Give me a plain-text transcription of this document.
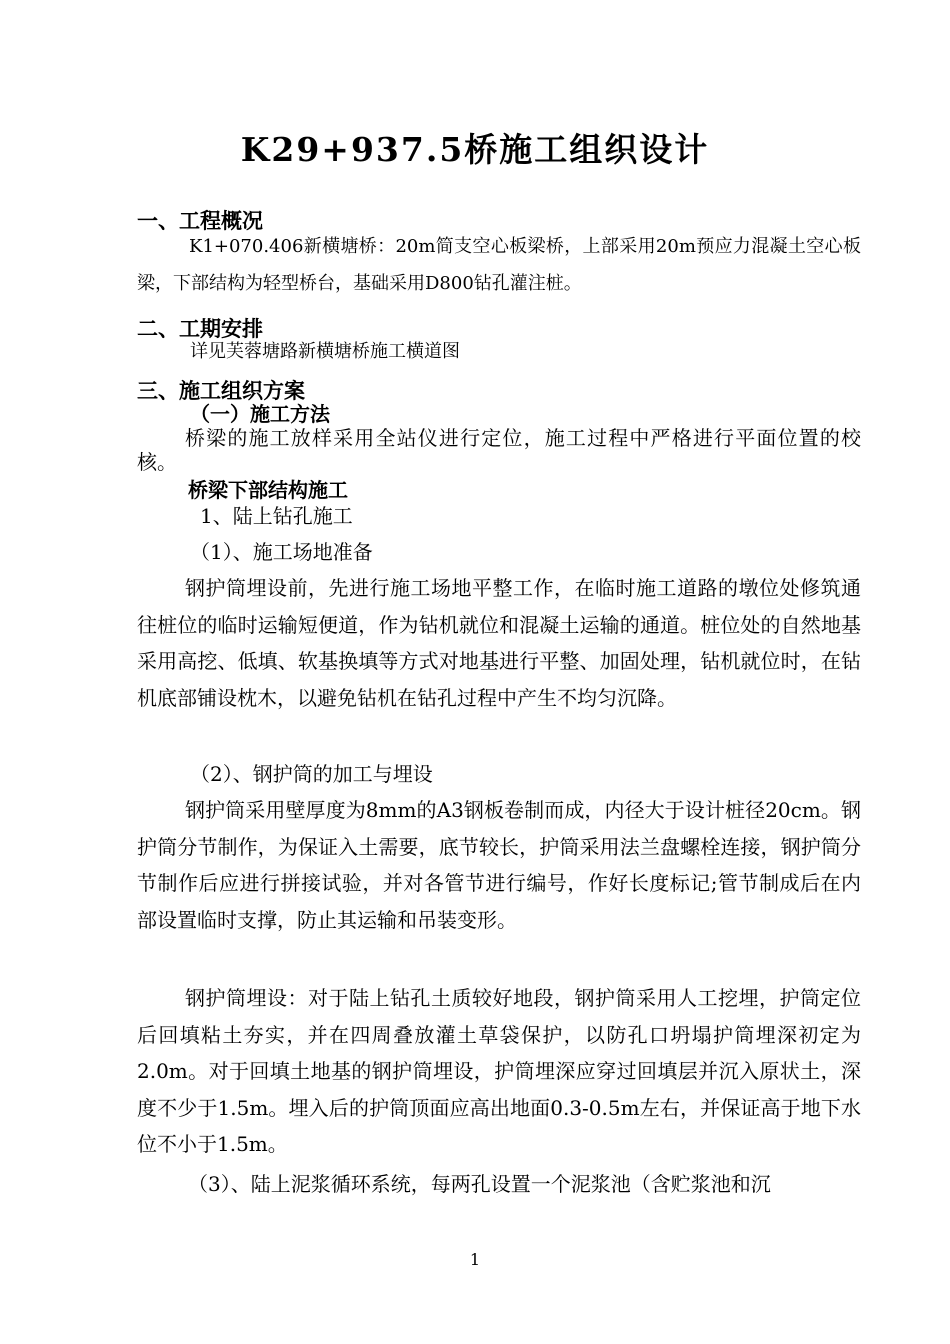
K29+937.5桥施工组织设计
一、工程概况
K1+070.406新横塘桥：20m简支空心板梁桥，上部采用20m预应力混凝土空心板梁，下部结构为轻型桥台，基础采用D800钻孔灌注桩。
二、工期安排
详见芙蓉塘路新横塘桥施工横道图
三、施工组织方案
（一）施工方法
桥梁的施工放样采用全站仪进行定位，施工过程中严格进行平面位置的校核。
桥梁下部结构施工
1、陆上钻孔施工
（1）、施工场地准备
钢护筒埋设前，先进行施工场地平整工作，在临时施工道路的墩位处修筑通往桩位的临时运输短便道，作为钻机就位和混凝土运输的通道。桩位处的自然地基采用高挖、低填、软基换填等方式对地基进行平整、加固处理，钻机就位时，在钻机底部铺设枕木，以避免钻机在钻孔过程中产生不均匀沉降。
（2）、钢护筒的加工与埋设
钢护筒采用壁厚度为8mm的A3钢板卷制而成，内径大于设计桩径20cm。钢护筒分节制作，为保证入土需要，底节较长，护筒采用法兰盘螺栓连接，钢护筒分节制作后应进行拼接试验，并对各管节进行编号，作好长度标记;管节制成后在内部设置临时支撑，防止其运输和吊装变形。
钢护筒埋设：对于陆上钻孔土质较好地段，钢护筒采用人工挖埋，护筒定位后回填粘土夯实，并在四周叠放灌土草袋保护，以防孔口坍塌护筒埋深初定为2.0m。对于回填土地基的钢护筒埋设，护筒埋深应穿过回填层并沉入原状土，深度不少于1.5m。埋入后的护筒顶面应高出地面0.3-0.5m左右，并保证高于地下水位不小于1.5m。
（3）、陆上泥浆循环系统，每两孔设置一个泥浆池（含贮浆池和沉
1
